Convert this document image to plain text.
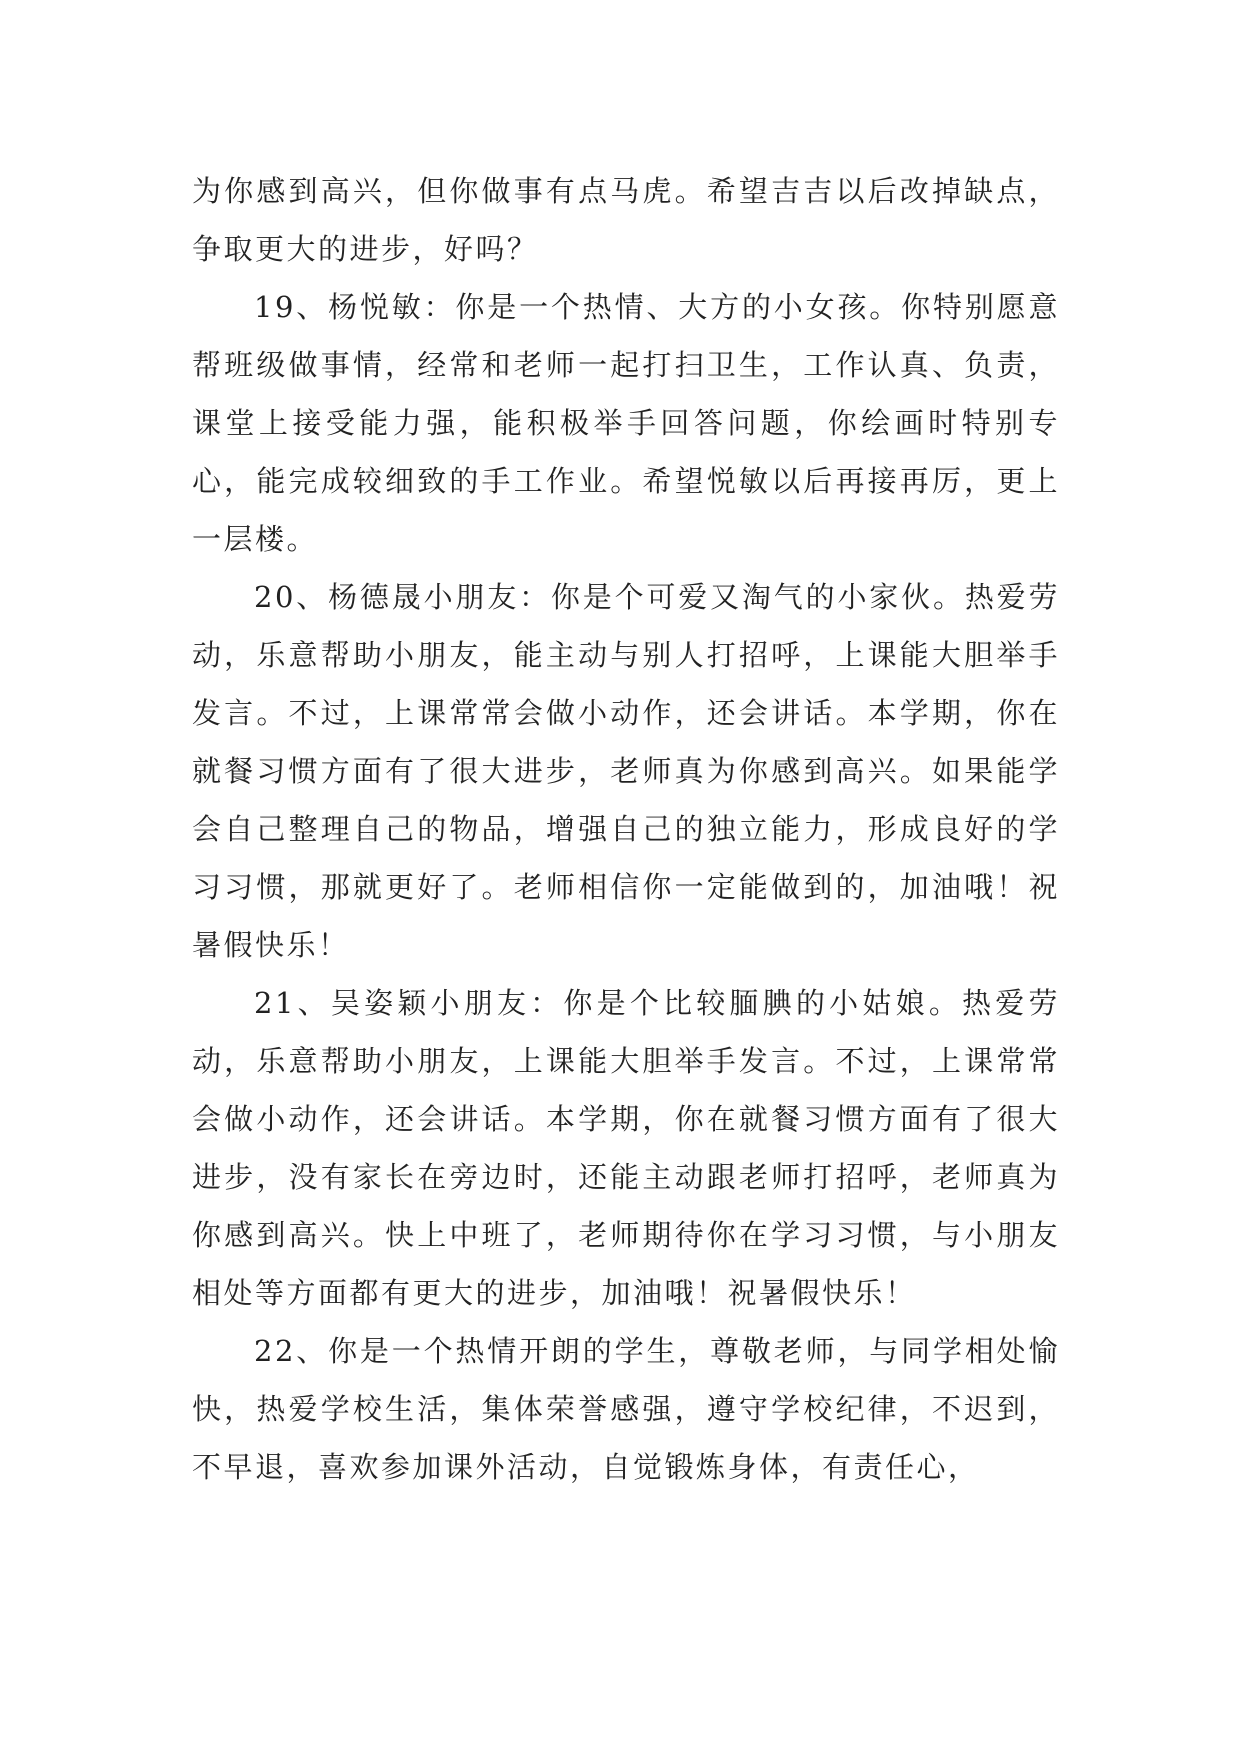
为你感到高兴，但你做事有点马虎。希望吉吉以后改掉缺点，争取更大的进步，好吗？

19、杨悦敏：你是一个热情、大方的小女孩。你特别愿意帮班级做事情，经常和老师一起打扫卫生，工作认真、负责，课堂上接受能力强，能积极举手回答问题，你绘画时特别专心，能完成较细致的手工作业。希望悦敏以后再接再厉，更上一层楼。

20、杨德晟小朋友：你是个可爱又淘气的小家伙。热爱劳动，乐意帮助小朋友，能主动与别人打招呼，上课能大胆举手发言。不过，上课常常会做小动作，还会讲话。本学期，你在就餐习惯方面有了很大进步，老师真为你感到高兴。如果能学会自己整理自己的物品，增强自己的独立能力，形成良好的学习习惯，那就更好了。老师相信你一定能做到的，加油哦！祝暑假快乐！

21、吴姿颖小朋友：你是个比较腼腆的小姑娘。热爱劳动，乐意帮助小朋友，上课能大胆举手发言。不过，上课常常会做小动作，还会讲话。本学期，你在就餐习惯方面有了很大进步，没有家长在旁边时，还能主动跟老师打招呼，老师真为你感到高兴。快上中班了，老师期待你在学习习惯，与小朋友相处等方面都有更大的进步，加油哦！祝暑假快乐！

22、你是一个热情开朗的学生，尊敬老师，与同学相处愉快，热爱学校生活，集体荣誉感强，遵守学校纪律，不迟到，不早退，喜欢参加课外活动，自觉锻炼身体，有责任心，
